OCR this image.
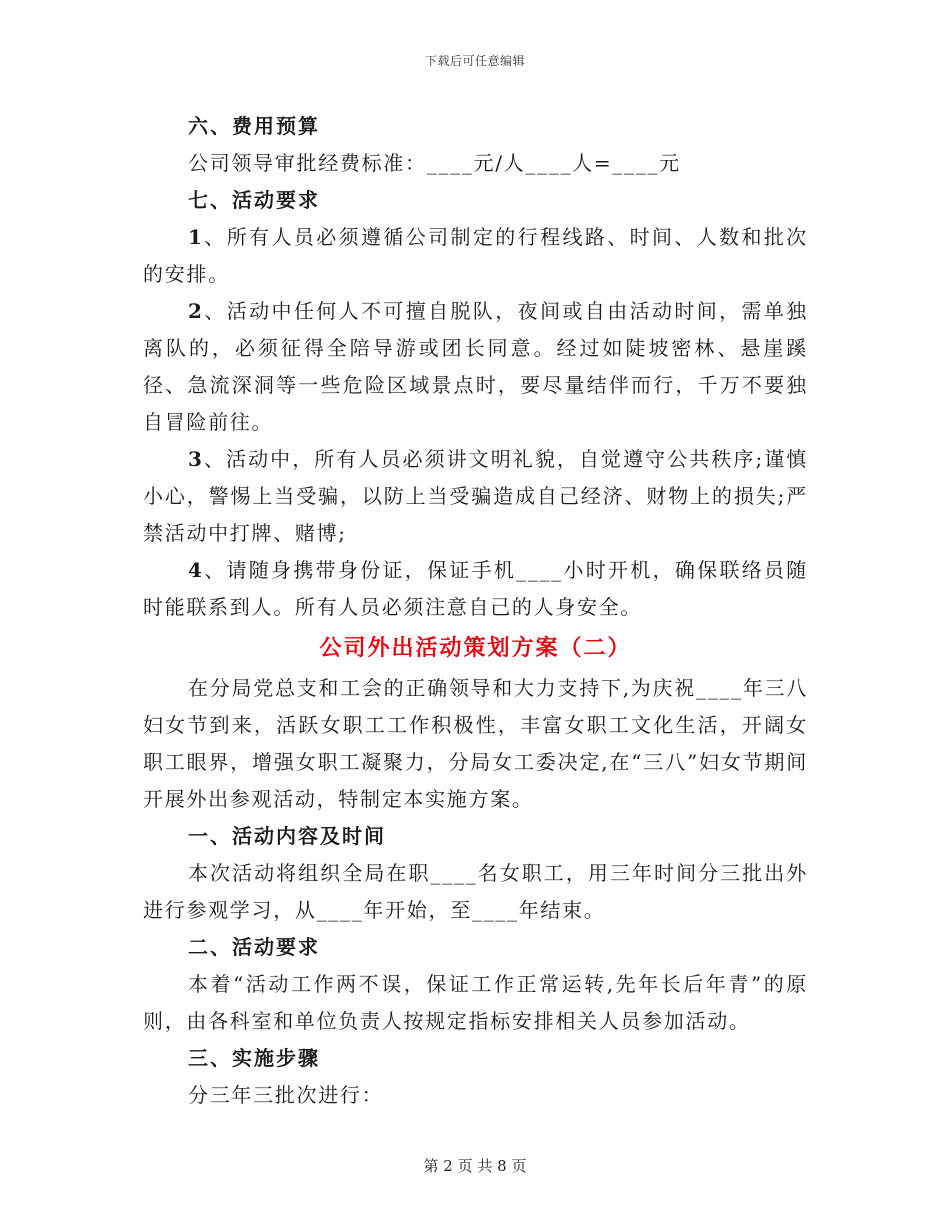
下载后可任意编辑

六、费用预算

公司领导审批经费标准：____元/人____人=____元

七、活动要求

1、所有人员必须遵循公司制定的行程线路、时间、人数和批次的安排。

2、活动中任何人不可擅自脱队，夜间或自由活动时间，需单独离队的，必须征得全陪导游或团长同意。经过如陡坡密林、悬崖蹊径、急流深洞等一些危险区域景点时，要尽量结伴而行，千万不要独自冒险前往。

3、活动中，所有人员必须讲文明礼貌，自觉遵守公共秩序;谨慎小心，警惕上当受骗，以防上当受骗造成自己经济、财物上的损失;严禁活动中打牌、赌博;

4、请随身携带身份证，保证手机____小时开机，确保联络员随时能联系到人。所有人员必须注意自己的人身安全。

公司外出活动策划方案（二）

在分局党总支和工会的正确领导和大力支持下,为庆祝____年三八妇女节到来，活跃女职工工作积极性，丰富女职工文化生活，开阔女职工眼界，增强女职工凝聚力，分局女工委决定,在“三八”妇女节期间开展外出参观活动，特制定本实施方案。

一、活动内容及时间

本次活动将组织全局在职____名女职工，用三年时间分三批出外进行参观学习，从____年开始，至____年结束。

二、活动要求

本着“活动工作两不误，保证工作正常运转,先年长后年青”的原则，由各科室和单位负责人按规定指标安排相关人员参加活动。

三、实施步骤

分三年三批次进行：

第 2 页 共 8 页
